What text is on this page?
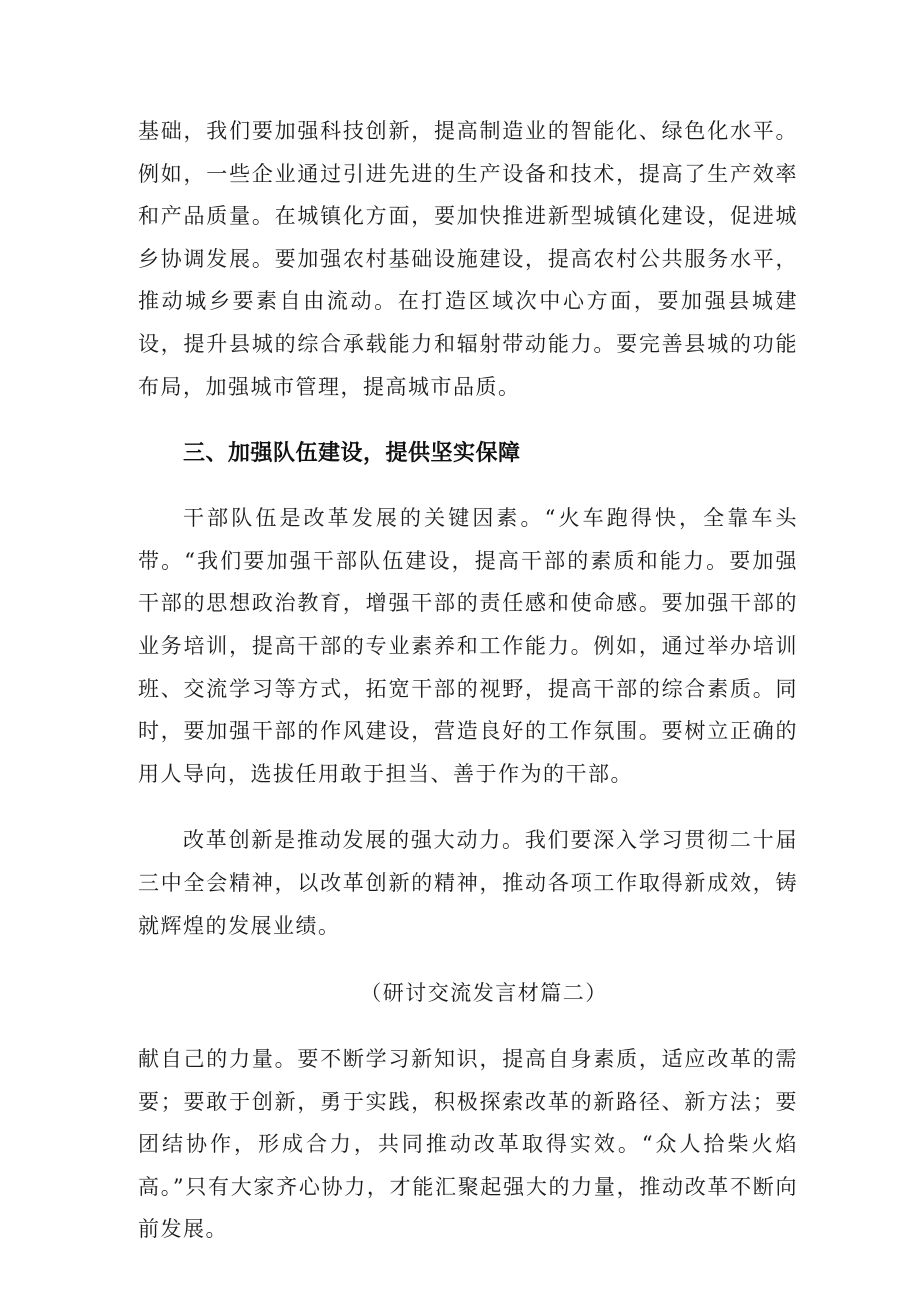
基础，我们要加强科技创新，提高制造业的智能化、绿色化水平。例如，一些企业通过引进先进的生产设备和技术，提高了生产效率和产品质量。在城镇化方面，要加快推进新型城镇化建设，促进城乡协调发展。要加强农村基础设施建设，提高农村公共服务水平，推动城乡要素自由流动。在打造区域次中心方面，要加强县城建设，提升县城的综合承载能力和辐射带动能力。要完善县城的功能布局，加强城市管理，提高城市品质。

三、加强队伍建设，提供坚实保障

干部队伍是改革发展的关键因素。“火车跑得快，全靠车头带。“我们要加强干部队伍建设，提高干部的素质和能力。要加强干部的思想政治教育，增强干部的责任感和使命感。要加强干部的业务培训，提高干部的专业素养和工作能力。例如，通过举办培训班、交流学习等方式，拓宽干部的视野，提高干部的综合素质。同时，要加强干部的作风建设，营造良好的工作氛围。要树立正确的用人导向，选拔任用敢于担当、善于作为的干部。

改革创新是推动发展的强大动力。我们要深入学习贯彻二十届三中全会精神，以改革创新的精神，推动各项工作取得新成效，铸就辉煌的发展业绩。

（研讨交流发言材篇二）

献自己的力量。要不断学习新知识，提高自身素质，适应改革的需要；要敢于创新，勇于实践，积极探索改革的新路径、新方法；要团结协作，形成合力，共同推动改革取得实效。“众人拾柴火焰高。”只有大家齐心协力，才能汇聚起强大的力量，推动改革不断向前发展。
